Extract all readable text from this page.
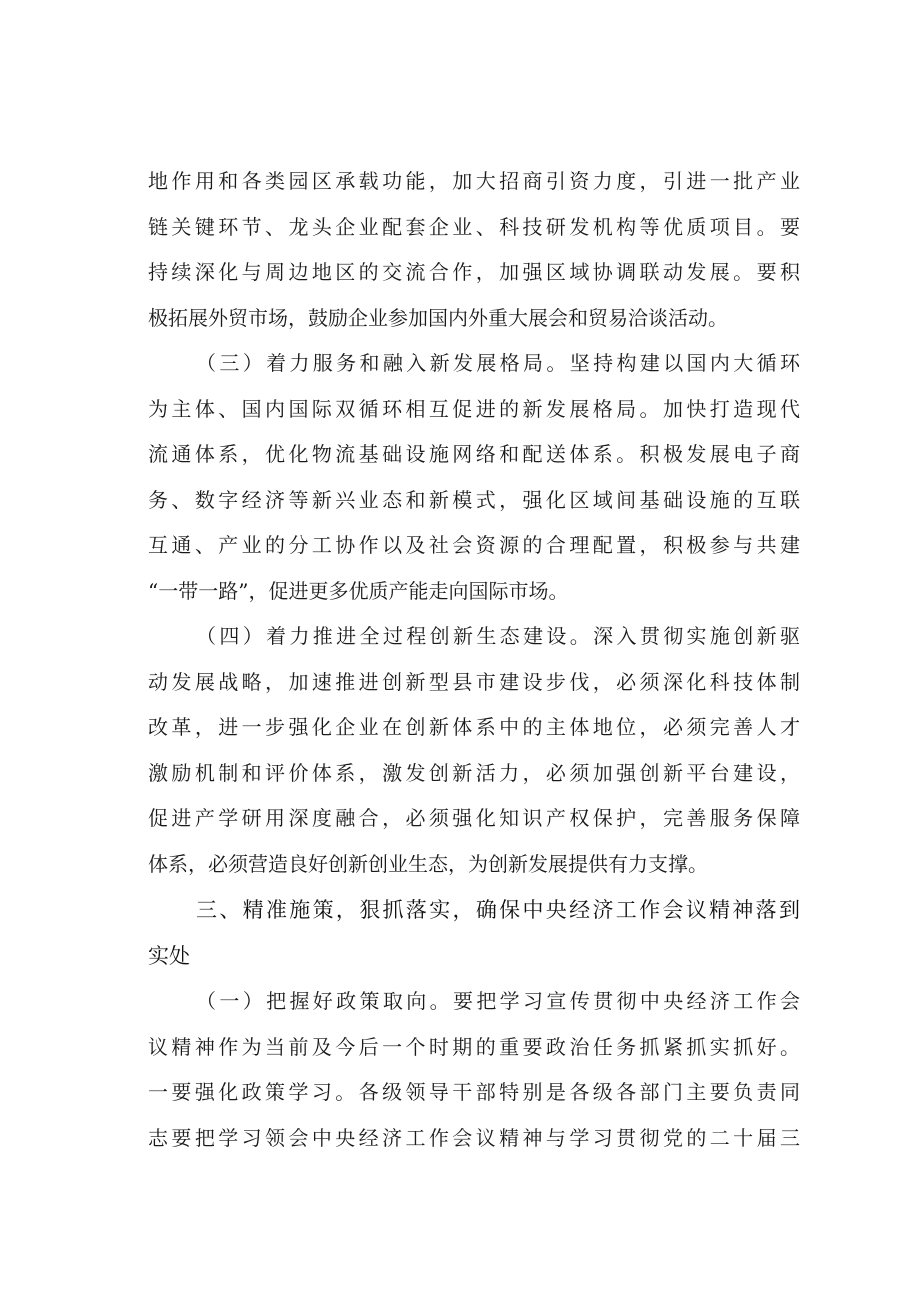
地作用和各类园区承载功能，加大招商引资力度，引进一批产业
链关键环节、龙头企业配套企业、科技研发机构等优质项目。要
持续深化与周边地区的交流合作，加强区域协调联动发展。要积
极拓展外贸市场，鼓励企业参加国内外重大展会和贸易洽谈活动。
（三）着力服务和融入新发展格局。坚持构建以国内大循环
为主体、国内国际双循环相互促进的新发展格局。加快打造现代
流通体系，优化物流基础设施网络和配送体系。积极发展电子商
务、数字经济等新兴业态和新模式，强化区域间基础设施的互联
互通、产业的分工协作以及社会资源的合理配置，积极参与共建
“一带一路”，促进更多优质产能走向国际市场。
（四）着力推进全过程创新生态建设。深入贯彻实施创新驱
动发展战略，加速推进创新型县市建设步伐，必须深化科技体制
改革，进一步强化企业在创新体系中的主体地位，必须完善人才
激励机制和评价体系，激发创新活力，必须加强创新平台建设，
促进产学研用深度融合，必须强化知识产权保护，完善服务保障
体系，必须营造良好创新创业生态，为创新发展提供有力支撑。
三、精准施策，狠抓落实，确保中央经济工作会议精神落到
实处
（一）把握好政策取向。要把学习宣传贯彻中央经济工作会
议精神作为当前及今后一个时期的重要政治任务抓紧抓实抓好。
一要强化政策学习。各级领导干部特别是各级各部门主要负责同
志要把学习领会中央经济工作会议精神与学习贯彻党的二十届三
